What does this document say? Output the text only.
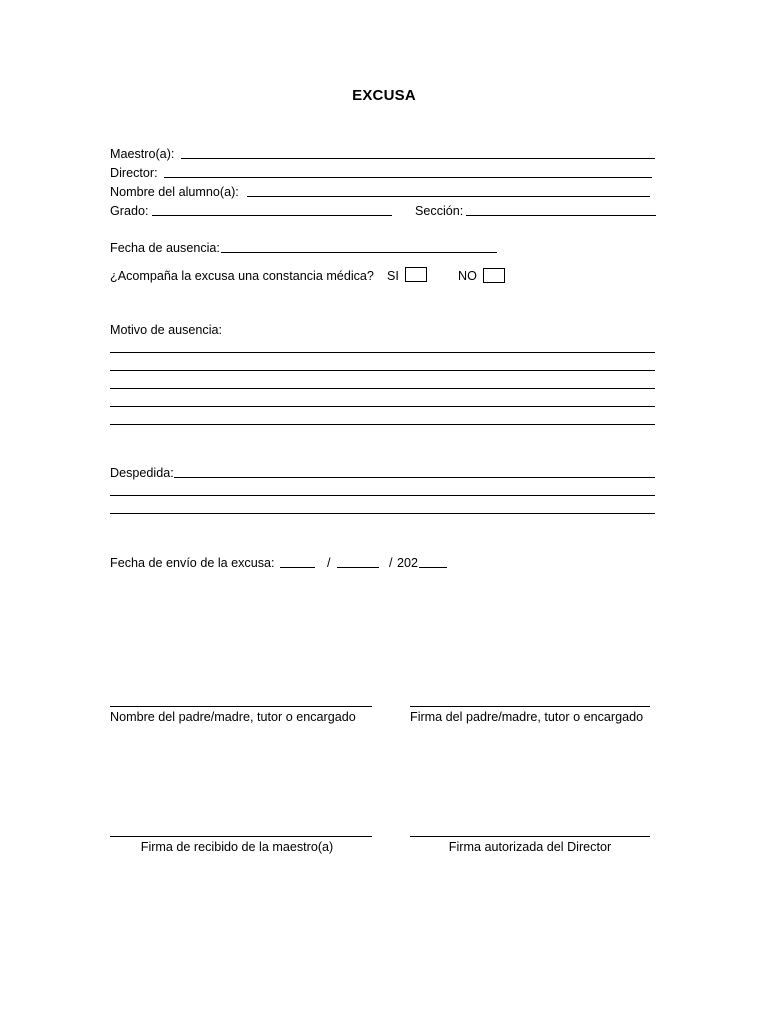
EXCUSA
Maestro(a):
Director:
Nombre del alumno(a):
Grado:	Sección:
Fecha de ausencia:
¿Acompaña la excusa una constancia médica? SI	NO
Motivo de ausencia:
Despedida:
Fecha de envío de la excusa:	/	/ 202
Nombre del padre/madre, tutor o encargado	Firma del padre/madre, tutor o encargado
Firma de recibido de la maestro(a)	Firma autorizada del Director
